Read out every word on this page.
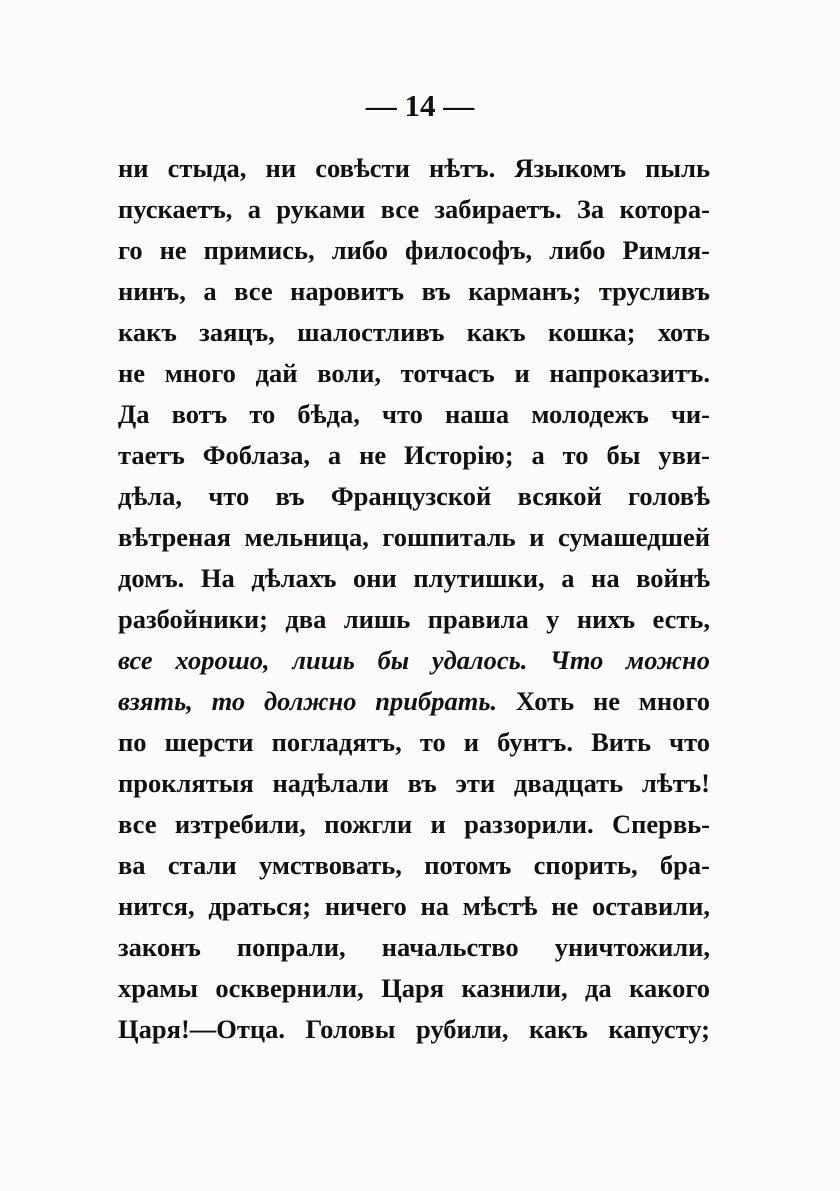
— 14 —
ни стыда, ни совѣсти нѣтъ. Языкомъ пыль
пускаетъ, а руками все забираетъ. За котора-
го не примись, либо философъ, либо Римля-
нинъ, а все наровитъ въ карманъ; трусливъ
какъ заяцъ, шалостливъ какъ кошка; хоть
не много дай воли, тотчасъ и напроказитъ.
Да вотъ то бѣда, что наша молодежъ чи-
таетъ Фоблаза, а не Исторію; а то бы уви-
дѣла, что въ Французской всякой головѣ
вѣтреная мельница, гошпиталь и сумашедшей
домъ. На дѣлахъ они плутишки, а на войнѣ
разбойники; два лишь правила у нихъ есть,
все хорошо, лишь бы удалось. Что можно
взять, то должно прибрать. Хоть не много
по шерсти погладятъ, то и бунтъ. Вить что
проклятыя надѣлали въ эти двадцать лѣтъ!
все изтребили, пожгли и раззорили. Спервь-
ва стали умствовать, потомъ спорить, бра-
нится, драться; ничего на мѣстѣ не оставили,
законъ попрали, начальство уничтожили,
храмы осквернили, Царя казнили, да какого
Царя!—Отца. Головы рубили, какъ капусту;
